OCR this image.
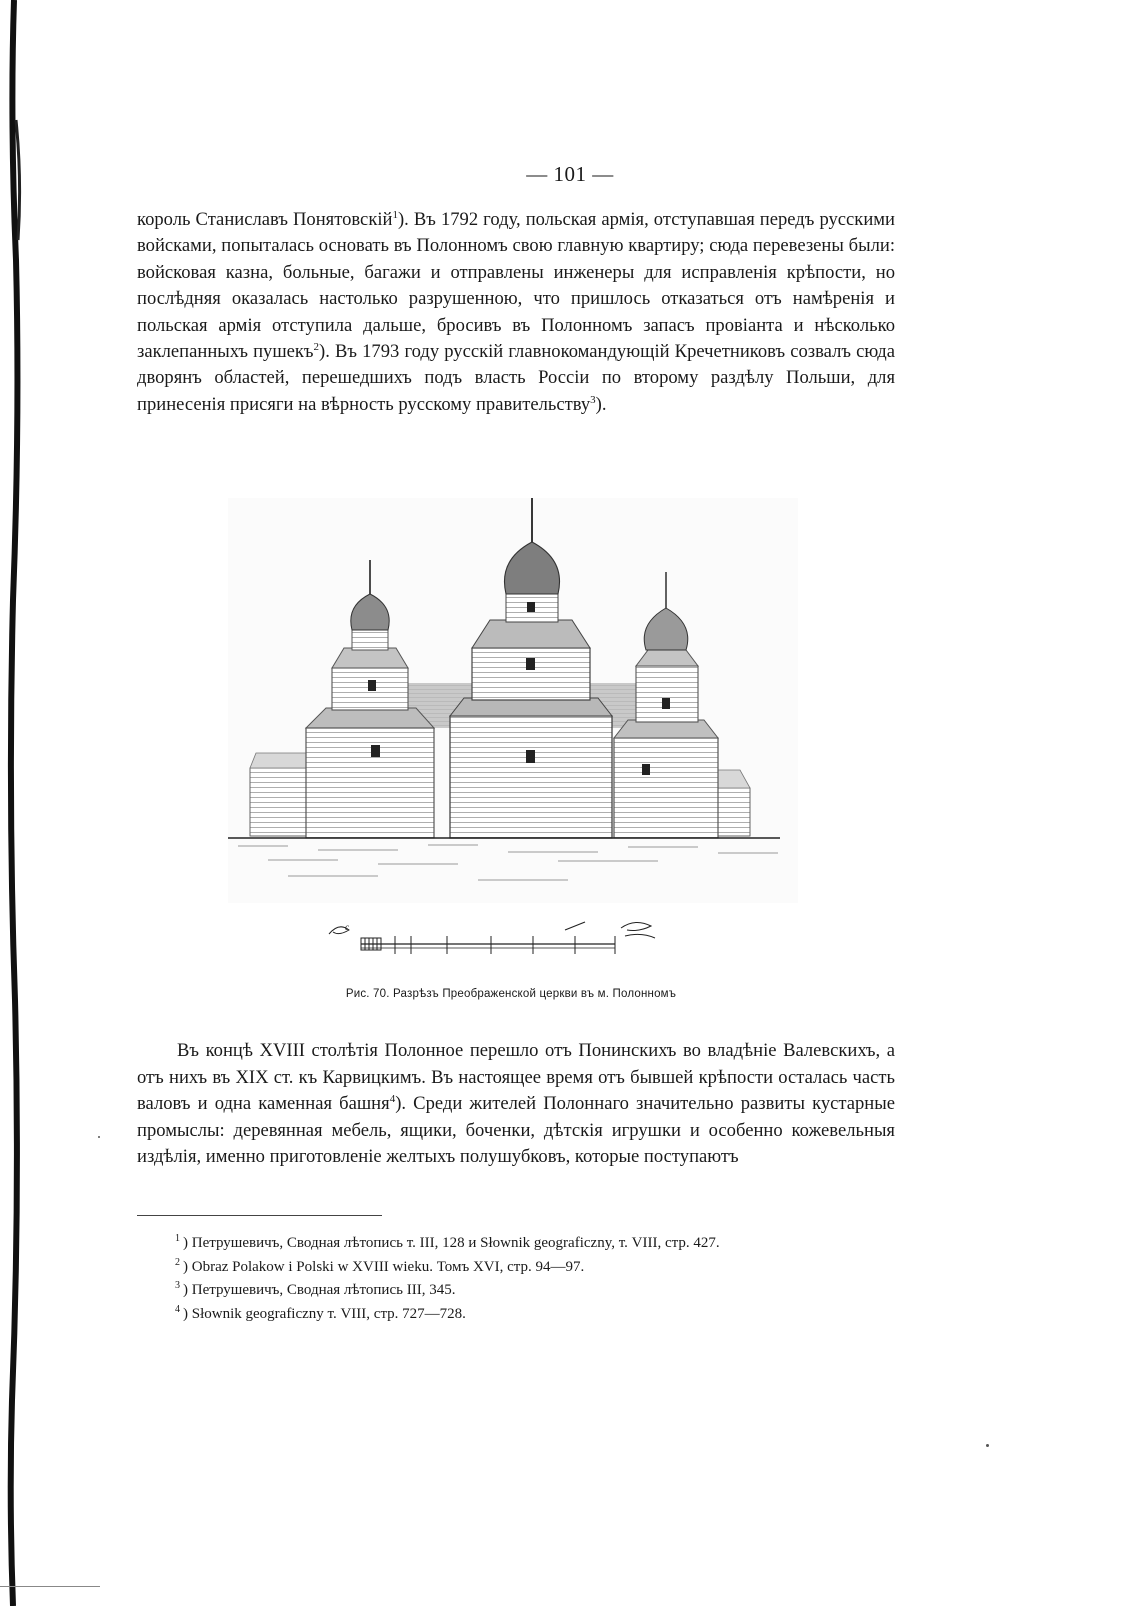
— 101 —

король Станиславъ Понятовскій$^1$). Въ 1792 году, польская армія, отступавшая передъ русскими войсками, попыталась основать въ Полонномъ свою главную квартиру; сюда перевезены были: войсковая казна, больные, багажи и отправлены инженеры для исправленія крѣпости, но послѣдняя оказалась настолько разрушенною, что пришлось отказаться отъ намѣренія и польская армія отступила дальше, бросивъ въ Полонномъ запасъ провіанта и нѣсколько заклепанныхъ пушекъ$^2$). Въ 1793 году русскій главнокомандующій Кречетниковъ созвалъ сюда дворянъ областей, перешедшихъ подъ власть Россіи по второму раздѣлу Польши, для принесенія присяги на вѣрность русскому правительству$^3$).

c
Рис. 70. Разрѣзъ Преображенской церкви въ м. Полонномъ

Въ концѣ XVIII столѣтія Полонное перешло отъ Понинскихъ во владѣніе Валевскихъ, а отъ нихъ въ XIX ст. къ Карвицкимъ. Въ настоящее время отъ бывшей крѣпости осталась часть валовъ и одна каменная башня$^4$). Среди жителей Полоннаго значительно развиты кустарные промыслы: деревянная мебель, ящики, боченки, дѣтскія игрушки и особенно кожевельныя издѣлія, именно приготовленіе желтыхъ полушубковъ, которые поступаютъ

$^1$ ) Петрушевичъ, Сводная лѣтопись т. III, 128 и Słownik geograficzny, т. VIII, стр. 427.
$^2$ ) Obraz Polakow i Polski w XVIII wieku. Томъ XVI, стр. 94—97.
$^3$ ) Петрушевичъ, Сводная лѣтопись III, 345.
$^4$ ) Słownik geograficzny т. VIII, стр. 727—728.
